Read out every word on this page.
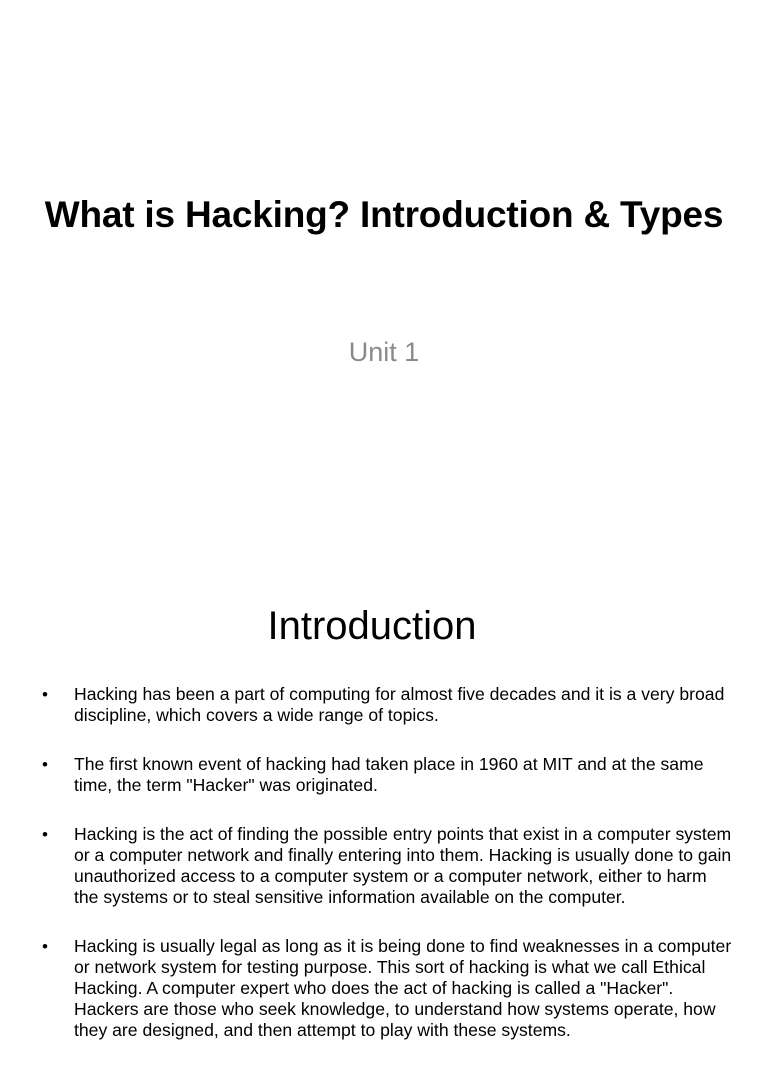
What is Hacking? Introduction & Types
Unit 1
Introduction
• Hacking has been a part of computing for almost five decades and it is a very broad discipline, which covers a wide range of topics.
• The first known event of hacking had taken place in 1960 at MIT and at the same time, the term "Hacker" was originated.
• Hacking is the act of finding the possible entry points that exist in a computer system or a computer network and finally entering into them. Hacking is usually done to gain unauthorized access to a computer system or a computer network, either to harm the systems or to steal sensitive information available on the computer.
• Hacking is usually legal as long as it is being done to find weaknesses in a computer or network system for testing purpose. This sort of hacking is what we call Ethical Hacking. A computer expert who does the act of hacking is called a "Hacker". Hackers are those who seek knowledge, to understand how systems operate, how they are designed, and then attempt to play with these systems.
